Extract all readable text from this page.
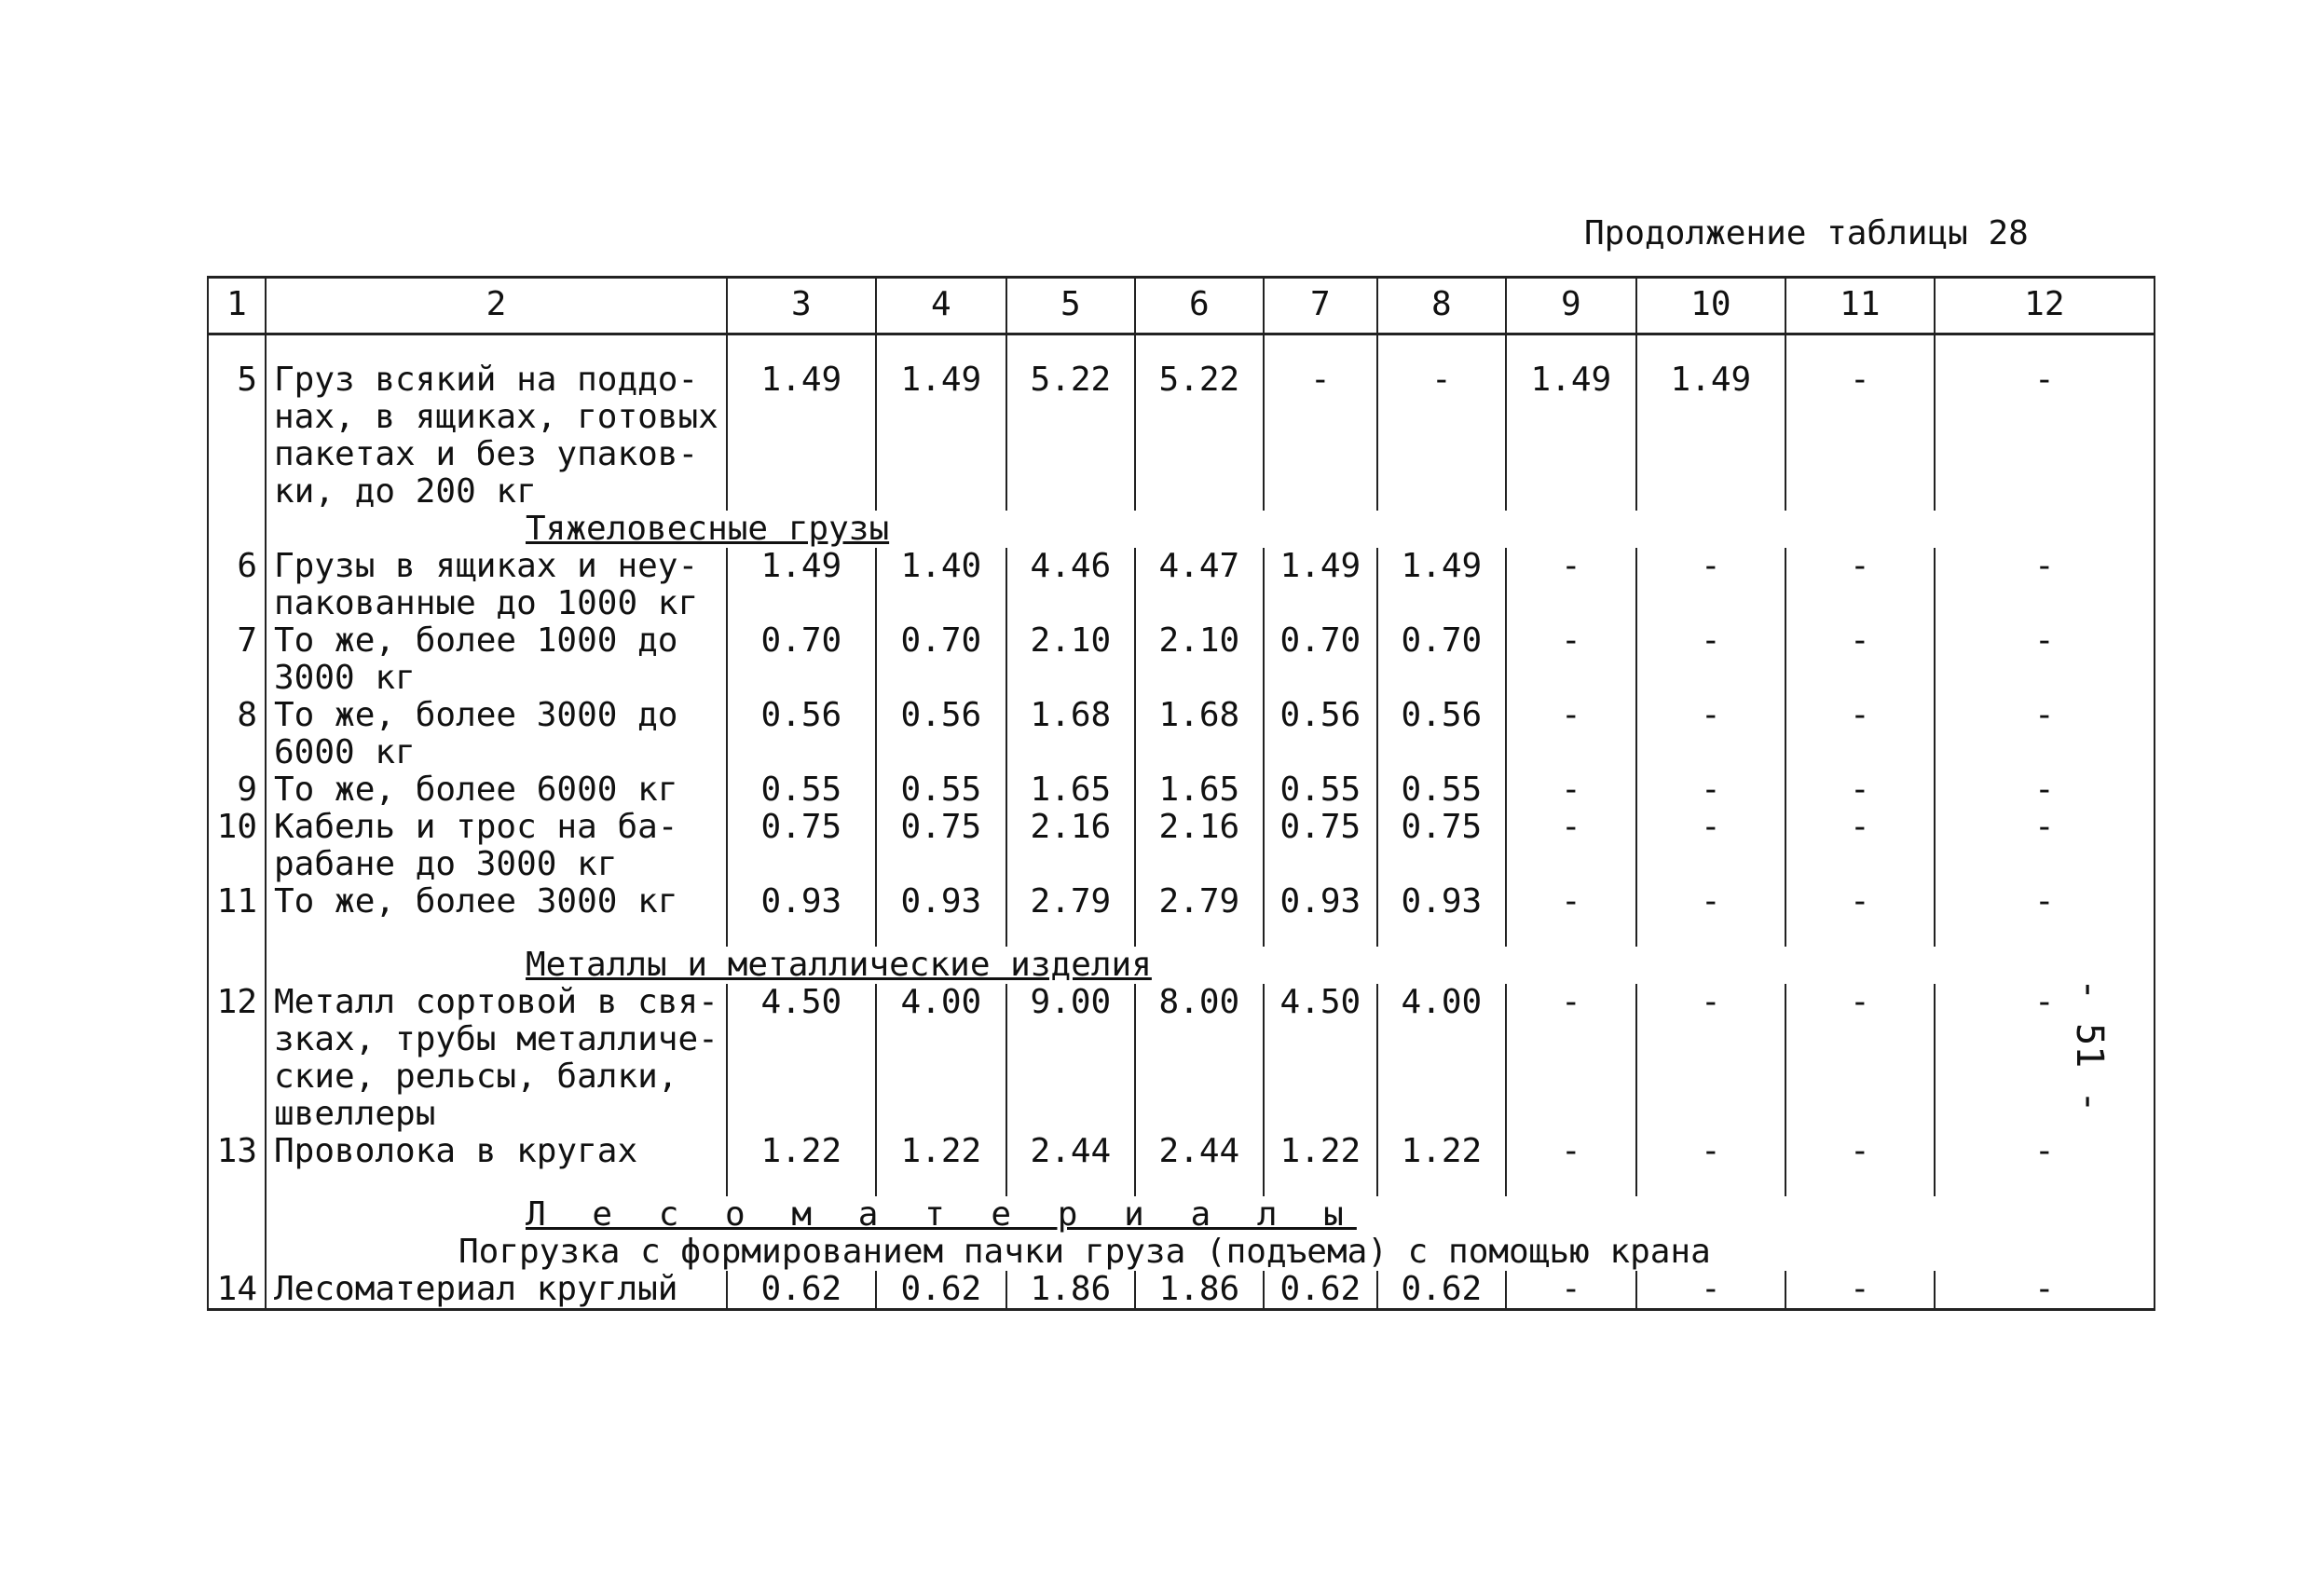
Продолжение таблицы 28
- 51 -

1	2	3	4	5	6	7	8	9	10	11	12

5	Груз всякий на поддо-
нах, в ящиках, готовых
пакетах и без упаков-
ки, до 200 кг	1.49	1.49	5.22	5.22	-	-	1.49	1.49	-	-
	Тяжеловесные грузы										
6	Грузы в ящиках и неу-
пакованные до 1000 кг	1.49	1.40	4.46	4.47	1.49	1.49	-	-	-	-
7	То же, более 1000 до
3000 кг	0.70	0.70	2.10	2.10	0.70	0.70	-	-	-	-
8	То же, более 3000 до
6000 кг	0.56	0.56	1.68	1.68	0.56	0.56	-	-	-	-
9	То же, более 6000 кг	0.55	0.55	1.65	1.65	0.55	0.55	-	-	-	-
10	Кабель и трос на ба-
рабане до 3000 кг	0.75	0.75	2.16	2.16	0.75	0.75	-	-	-	-
11	То же, более 3000 кг	0.93	0.93	2.79	2.79	0.93	0.93	-	-	-	-

	Металлы и металлические изделия										
12	Металл сортовой в свя-
зках, трубы металличе-
ские, рельсы, балки,
швеллеры	4.50	4.00	9.00	8.00	4.50	4.00	-	-	-	-
13	Проволока в кругах	1.22	1.22	2.44	2.44	1.22	1.22	-	-	-	-

	Л е с о м а т е р и а л ы										
	Погрузка с формированием пачки груза (подъема) с помощью крана										
14	Лесоматериал круглый	0.62	0.62	1.86	1.86	0.62	0.62	-	-	-	-
